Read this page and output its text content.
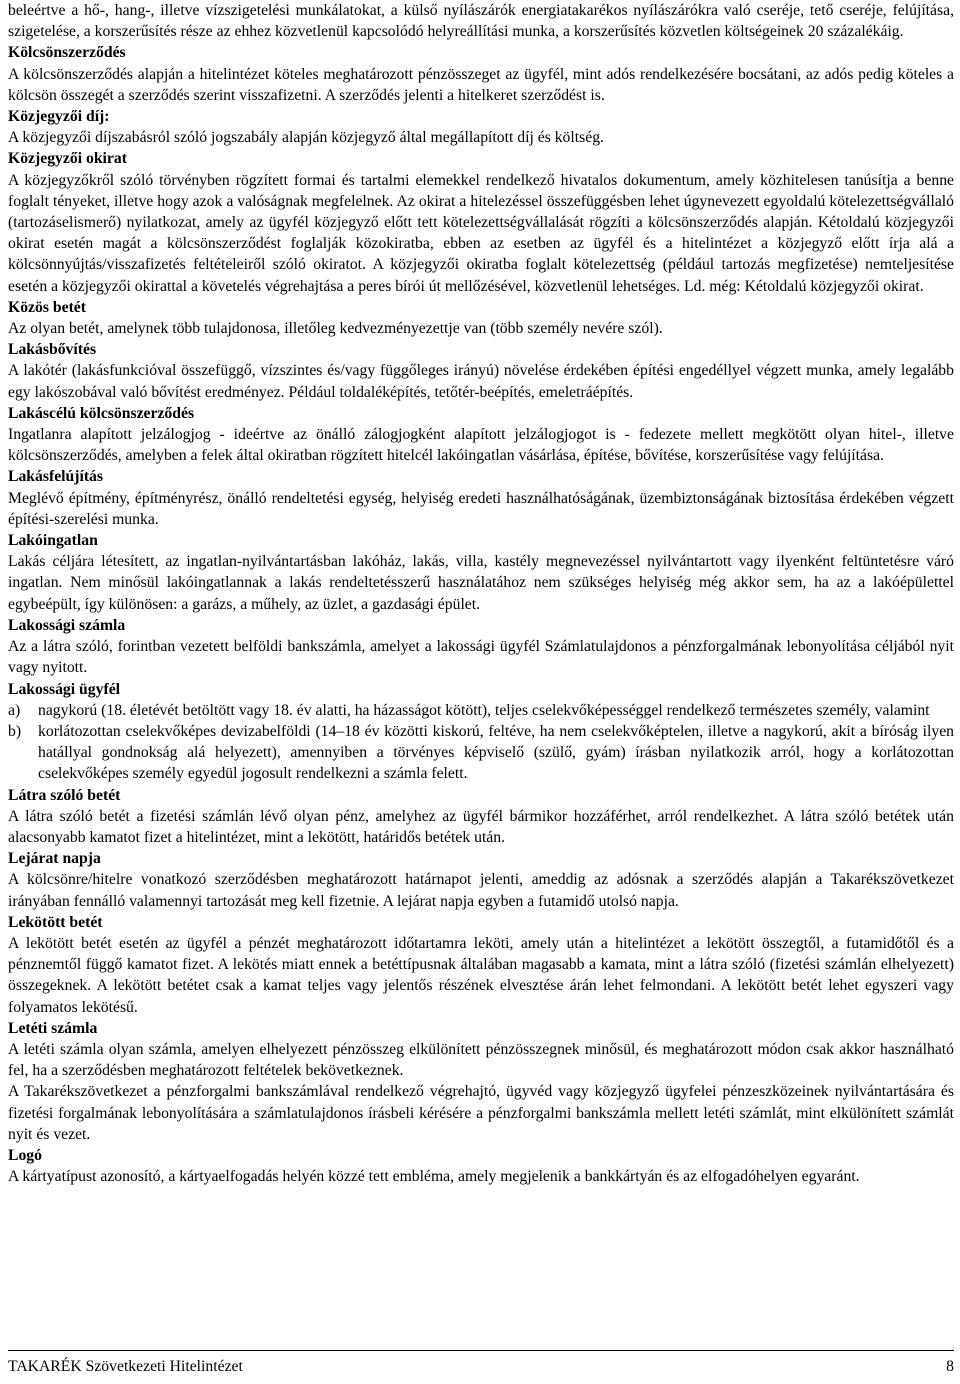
beleértve a hő-, hang-, illetve vízszigetelési munkálatokat, a külső nyílászárók energiatakarékos nyílászárókra való cseréje, tető cseréje, felújítása, szigetelése, a korszerűsítés része az ehhez közvetlenül kapcsolódó helyreállítási munka, a korszerűsítés közvetlen költségeinek 20 százalékáig.

Kölcsönszerződés

A kölcsönszerződés alapján a hitelintézet köteles meghatározott pénzösszeget az ügyfél, mint adós rendelkezésére bocsátani, az adós pedig köteles a kölcsön összegét a szerződés szerint visszafizetni. A szerződés jelenti a hitelkeret szerződést is.

Közjegyzői díj:

A közjegyzői díjszabásról szóló jogszabály alapján közjegyző által megállapított díj és költség.

Közjegyzői okirat

A közjegyzőkről szóló törvényben rögzített formai és tartalmi elemekkel rendelkező hivatalos dokumentum, amely közhitelesen tanúsítja a benne foglalt tényeket, illetve hogy azok a valóságnak megfelelnek. Az okirat a hitelezéssel összefüggésben lehet úgynevezett egyoldalú kötelezettségvállaló (tartozáselismerő) nyilatkozat, amely az ügyfél közjegyző előtt tett kötelezettségvállalását rögzíti a kölcsönszerződés alapján. Kétoldalú közjegyzői okirat esetén magát a kölcsönszerződést foglalják közokiratba, ebben az esetben az ügyfél és a hitelintézet a közjegyző előtt írja alá a kölcsönnyújtás/visszafizetés feltételeiről szóló okiratot. A közjegyzői okiratba foglalt kötelezettség (például tartozás megfizetése) nemteljesítése esetén a közjegyzői okirattal a követelés végrehajtása a peres bírói út mellőzésével, közvetlenül lehetséges. Ld. még: Kétoldalú közjegyzői okirat.

Közös betét

Az olyan betét, amelynek több tulajdonosa, illetőleg kedvezményezettje van (több személy nevére szól).

Lakásbővítés

A lakótér (lakásfunkcióval összefüggő, vízszintes és/vagy függőleges irányú) növelése érdekében építési engedéllyel végzett munka, amely legalább egy lakószobával való bővítést eredményez. Például toldaléképítés, tetőtér-beépítés, emeletráépítés.

Lakáscélú kölcsönszerződés

Ingatlanra alapított jelzálogjog - ideértve az önálló zálogjogként alapított jelzálogjogot is - fedezete mellett megkötött olyan hitel-, illetve kölcsönszerződés, amelyben a felek által okiratban rögzített hitelcél lakóingatlan vásárlása, építése, bővítése, korszerűsítése vagy felújítása.

Lakásfelújítás

Meglévő építmény, építményrész, önálló rendeltetési egység, helyiség eredeti használhatóságának, üzembiztonságának biztosítása érdekében végzett építési-szerelési munka.

Lakóingatlan

Lakás céljára létesített, az ingatlan-nyilvántartásban lakóház, lakás, villa, kastély megnevezéssel nyilvántartott vagy ilyenként feltüntetésre váró ingatlan. Nem minősül lakóingatlannak a lakás rendeltetésszerű használatához nem szükséges helyiség még akkor sem, ha az a lakóépülettel egybeépült, így különösen: a garázs, a műhely, az üzlet, a gazdasági épület.

Lakossági számla

Az a látra szóló, forintban vezetett belföldi bankszámla, amelyet a lakossági ügyfél Számlatulajdonos a pénzforgalmának lebonyolítása céljából nyit vagy nyitott.

Lakossági ügyfél

a)	nagykorú (18. életévét betöltött vagy 18. év alatti, ha házasságot kötött), teljes cselekvőképességgel rendelkező természetes személy, valamint
b)	korlátozottan cselekvőképes devizabelföldi (14–18 év közötti kiskorú, feltéve, ha nem cselekvőképtelen, illetve a nagykorú, akit a bíróság ilyen hatállyal gondnokság alá helyezett), amennyiben a törvényes képviselő (szülő, gyám) írásban nyilatkozik arról, hogy a korlátozottan cselekvőképes személy egyedül jogosult rendelkezni a számla felett.

Látra szóló betét

A látra szóló betét a fizetési számlán lévő olyan pénz, amelyhez az ügyfél bármikor hozzáférhet, arról rendelkezhet. A látra szóló betétek után alacsonyabb kamatot fizet a hitelintézet, mint a lekötött, határidős betétek után.

Lejárat napja

A kölcsönre/hitelre vonatkozó szerződésben meghatározott határnapot jelenti, ameddig az adósnak a szerződés alapján a Takarékszövetkezet irányában fennálló valamennyi tartozását meg kell fizetnie. A lejárat napja egyben a futamidő utolsó napja.

Lekötött betét

A lekötött betét esetén az ügyfél a pénzét meghatározott időtartamra leköti, amely után a hitelintézet a lekötött összegtől, a futamidőtől és a pénznemtől függő kamatot fizet. A lekötés miatt ennek a betéttípusnak általában magasabb a kamata, mint a látra szóló (fizetési számlán elhelyezett) összegeknek. A lekötött betétet csak a kamat teljes vagy jelentős részének elvesztése árán lehet felmondani. A lekötött betét lehet egyszeri vagy folyamatos lekötésű.

Letéti számla

A letéti számla olyan számla, amelyen elhelyezett pénzösszeg elkülönített pénzösszegnek minősül, és meghatározott módon csak akkor használható fel, ha a szerződésben meghatározott feltételek bekövetkeznek.

A Takarékszövetkezet a pénzforgalmi bankszámlával rendelkező végrehajtó, ügyvéd vagy közjegyző ügyfelei pénzeszközeinek nyilvántartására és fizetési forgalmának lebonyolítására a számlatulajdonos írásbeli kérésére a pénzforgalmi bankszámla mellett letéti számlát, mint elkülönített számlát nyit és vezet.

Logó

A kártyatípust azonosító, a kártyaelfogadás helyén közzé tett embléma, amely megjelenik a bankkártyán és az elfogadóhelyen egyaránt.

TAKARÉK Szövetkezeti Hitelintézet	8
